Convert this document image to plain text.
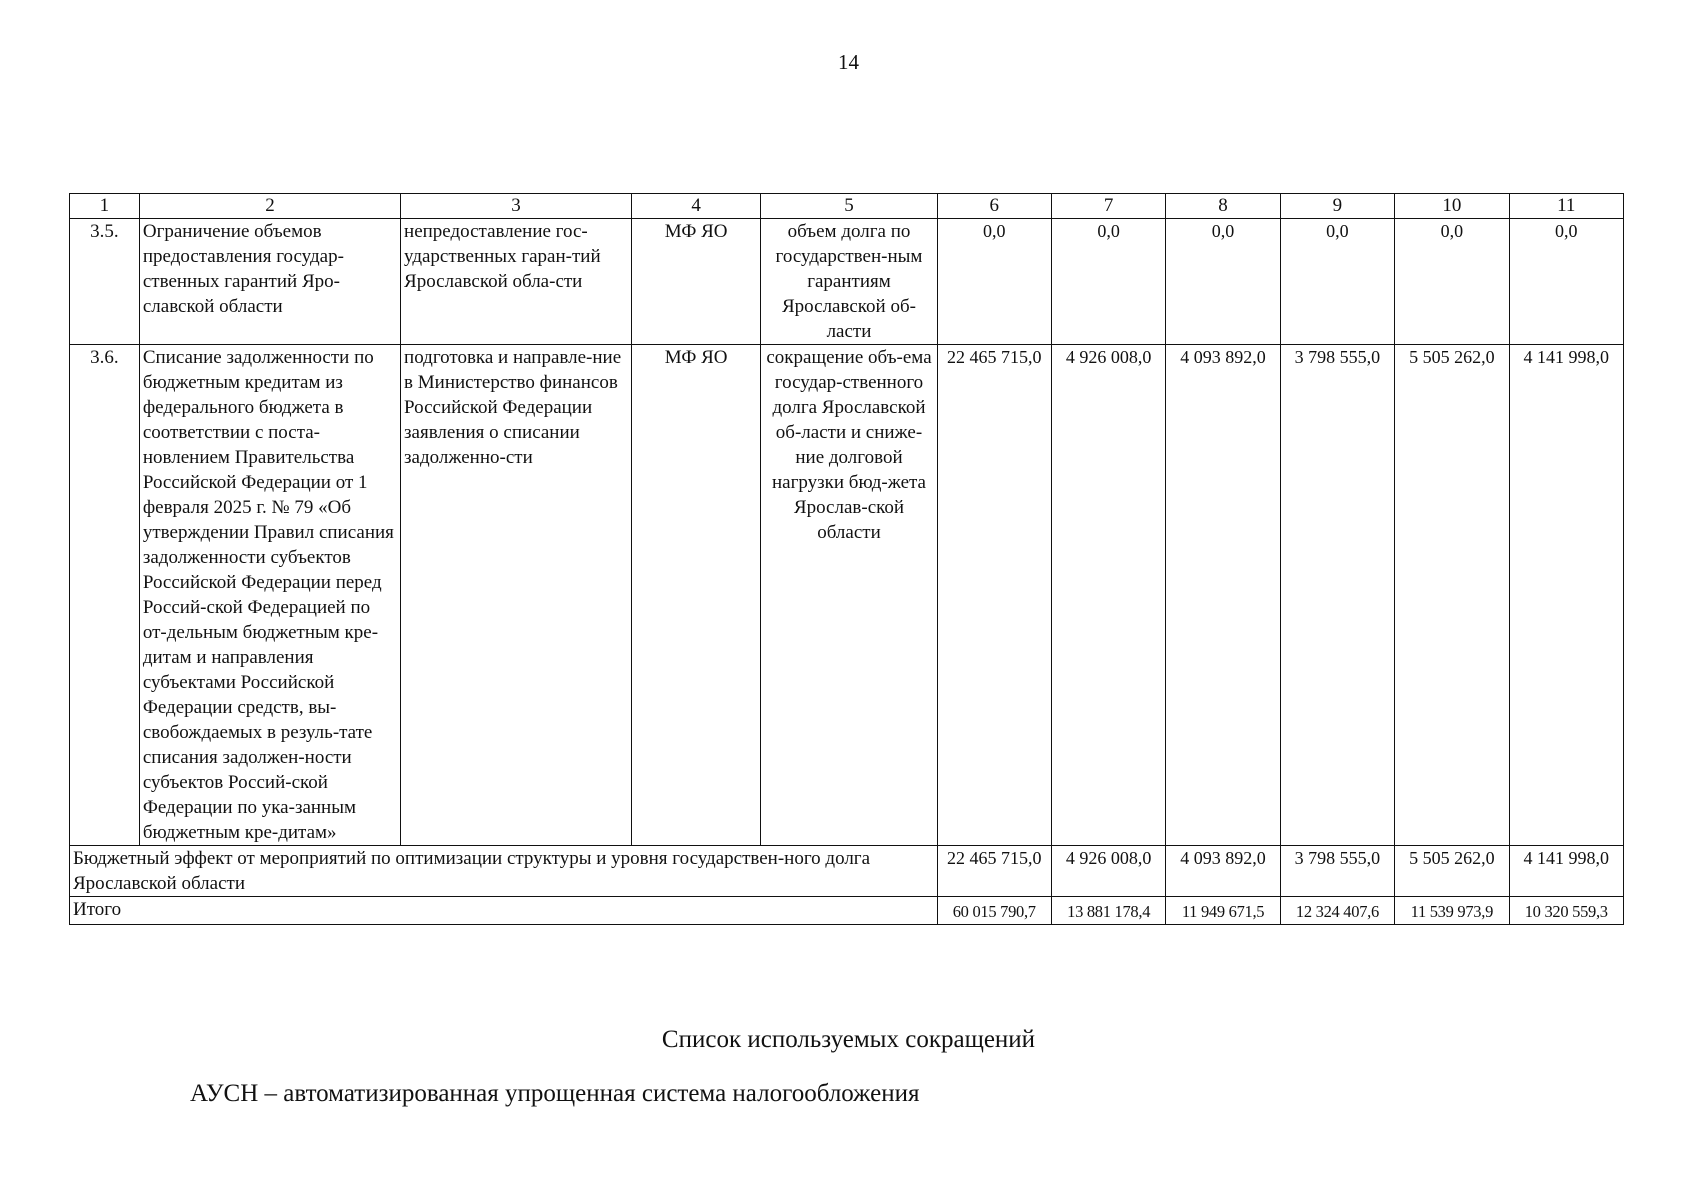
14
1	2	3	4	5	6	7	8	9	10	11
3.5.	Ограничение объемов предоставления государ-ственных гарантий Яро-славской области	непредоставление гос-ударственных гаран-тий Ярославской обла-сти	МФ ЯО	объем долга по государствен-ным гарантиям Ярославской об-ласти	0,0	0,0	0,0	0,0	0,0	0,0
3.6.	Списание задолженности по бюджетным кредитам из федерального бюджета в соответствии с поста-новлением Правительства Российской Федерации от 1 февраля 2025 г. № 79 «Об утверждении Правил списания задолженности субъектов Российской Федерации перед Россий-ской Федерацией по от-дельным бюджетным кре-дитам и направления субъектами Российской Федерации средств, вы-свобождаемых в резуль-тате списания задолжен-ности субъектов Россий-ской Федерации по ука-занным бюджетным кре-дитам»	подготовка и направле-ние в Министерство финансов Российской Федерации заявления о списании задолженно-сти	МФ ЯО	сокращение объ-ема государ-ственного долга Ярославской об-ласти и сниже-ние долговой нагрузки бюд-жета Ярослав-ской области	22 465 715,0	4 926 008,0	4 093 892,0	3 798 555,0	5 505 262,0	4 141 998,0
Бюджетный эффект от мероприятий по оптимизации структуры и уровня государствен-ного долга Ярославской области					22 465 715,0	4 926 008,0	4 093 892,0	3 798 555,0	5 505 262,0	4 141 998,0
Итого					60 015 790,7	13 881 178,4	11 949 671,5	12 324 407,6	11 539 973,9	10 320 559,3
Список используемых сокращений
АУСН – автоматизированная упрощенная система налогообложения
